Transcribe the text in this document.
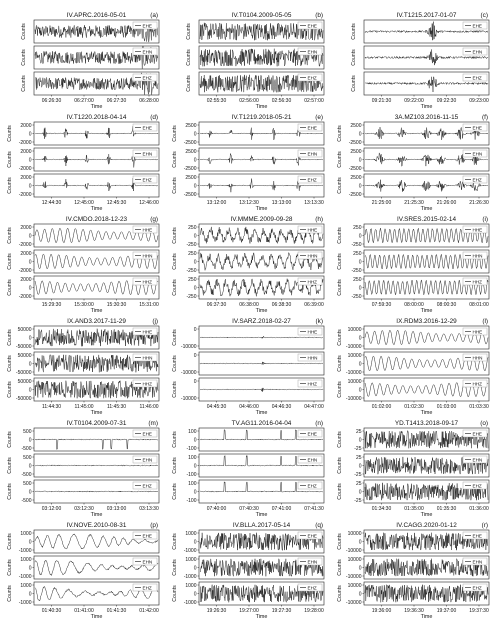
IV.APRC.2016-05-01	(a)
EHE
Counts
EHN
Counts
EHZ
Counts
06:26:30	06:27:00	06:27:30	06:28:00
Time
IV.T0104.2009-05-05	(b)
EHE
Counts
EHN
Counts
EHZ
Counts
02:55:30	02:56:00	02:56:30	02:57:00
Time
IV.T1215.2017-01-07	(c)
EHE
Counts
EHN
Counts
EHZ
Counts
09:21:30	09:22:00	09:22:30	09:23:00
Time
IV.T1220.2018-04-14	(d)
EHE
2000
0
-2000
Counts
EHN
2000
0
-2000
Counts
EHZ
2000
0
-2000
Counts
12:44:30	12:45:00	12:45:30	12:46:00
Time
IV.T1219.2018-05-21	(e)
EHE
2500
0
-2500
Counts
EHN
2500
0
-2500
Counts
EHZ
2500
0
-2500
Counts
13:12:00	13:12:30	13:13:00	13:13:30
Time
3A.MZ103.2016-11-15	(f)
EHE
2500
0
-2500
Counts
EHN
2500
0
-2500
Counts
EHZ
2500
0
-2500
Counts
21:25:00	21:25:30	21:26:00	21:26:30
Time
IV.CMDO.2018-12-23	(g)
HHE
2000
0
-2000
Counts
HHN
2000
0
-2000
Counts
HHZ
2000
0
-2000
Counts
15:29:30	15:30:00	15:30:30	15:31:00
Time
IV.MMME.2009-09-28	(h)
HHE
250
0
-250
Counts
HHN
250
0
-250
Counts
HHZ
250
0
-250
Counts
06:37:30	06:38:00	06:38:30	06:39:00
Time
IV.SRES.2015-02-14	(i)
HHE
250
0
-250
Counts
HHN
250
0
-250
Counts
HHZ
250
0
-250
Counts
07:59:30	08:00:00	08:00:30	08:01:00
Time
IX.AND3.2017-11-29	(j)
HHE
50000
0
-50000
Counts
HHN
50000
0
-50000
Counts
HHZ
50000
0
-50000
Counts
11:44:30	11:45:00	11:45:30	11:46:00
Time
IV.SARZ.2018-02-27	(k)
HHE
0
-10000
Counts
HHN
0
-10000
Counts
HHZ
0
-10000
Counts
04:45:30	04:46:00	04:46:30	04:47:00
Time
IX.RDM3.2016-12-29	(l)
HHE
10000
0
-10000
Counts
HHN
10000
0
-10000
Counts
HHZ
10000
0
-10000
Counts
01:02:00	01:02:30	01:03:00	01:03:30
Time
IV.T0104.2009-07-31	(m)
EHE
500
0
-500
Counts
EHN
500
0
-500
Counts
EHZ
500
0
-500
Counts
03:12:00	03:12:30	03:13:00	03:13:30
Time
TV.AG11.2016-04-04	(n)
EHE
100
0
-100
Counts
EHN
100
0
-100
Counts
EHZ
100
0
-100
Counts
07:40:00	07:40:30	07:41:00	07:41:30
Time
YD.T1413.2018-09-17	(o)
EHE
25
0
-25
Counts
EHN
25
0
-25
Counts
EHZ
25
0
-25
Counts
01:34:30	01:35:00	01:35:30	01:36:00
Time
IV.NOVE.2010-08-31	(p)
EHE
1000
0
-1000
Counts
EHN
1000
0
-1000
Counts
EHZ
1000
0
-1000
Counts
01:40:30	01:41:00	01:41:30	01:42:00
Time
IV.BLLA.2017-05-14	(q)
EHE
1000
0
-1000
Counts
EHN
1000
0
-1000
Counts
EHZ
1000
0
-1000
Counts
19:26:30	19:27:00	19:27:30	19:28:00
Time
IV.CAGG.2020-01-12	(r)
EHE
10000
0
-10000
Counts
EHN
10000
0
-10000
Counts
EHZ
10000
0
-10000
Counts
19:36:00	19:36:30	19:37:00	19:37:30
Time
